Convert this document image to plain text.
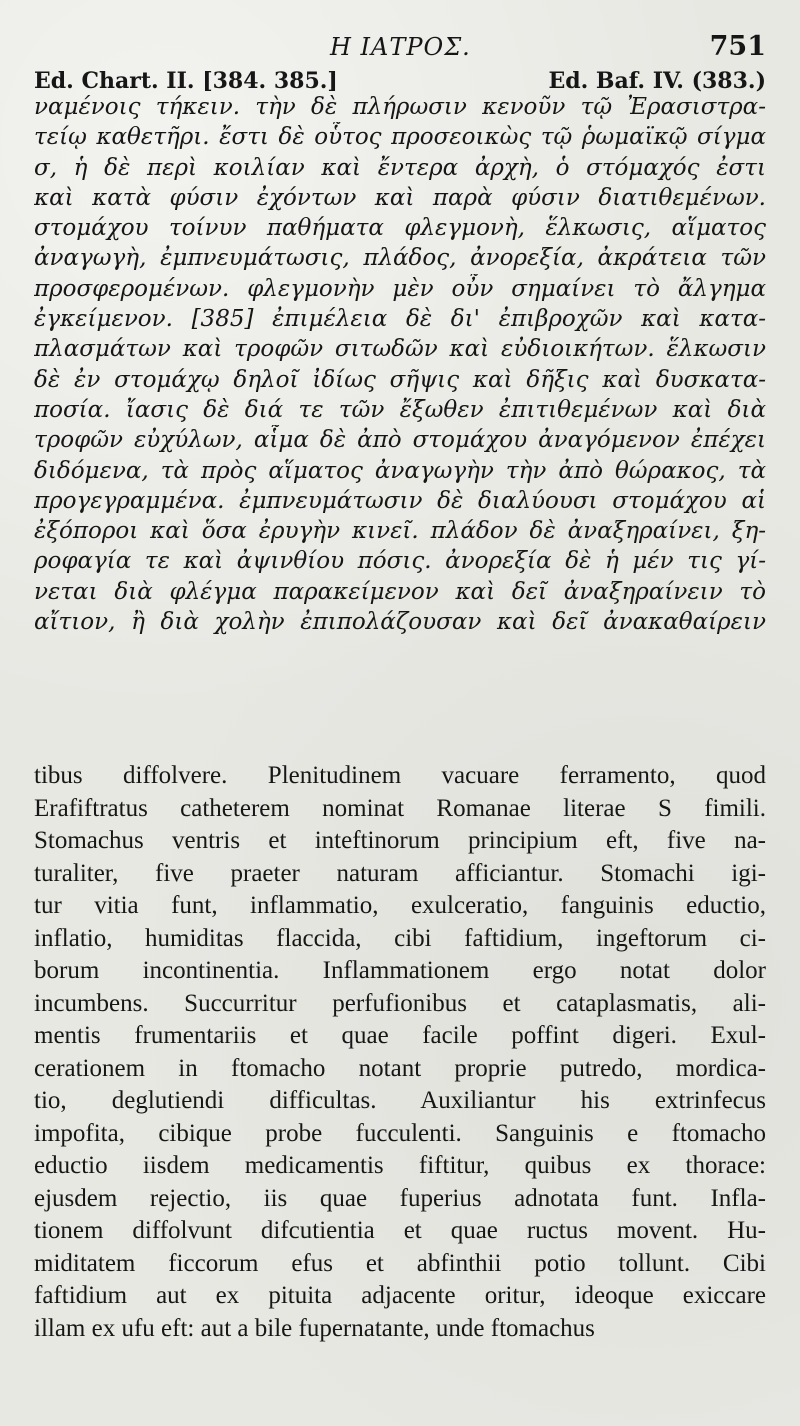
Η ΙΑΤΡΟΣ.	751
Ed. Chart. II. [384. 385.]	Ed. Baf. IV. (383.)
ναμένοις τήκειν. τὴν δὲ πλήρωσιν κενοῦν τῷ Ἐρασιστρα-
τείῳ καθετῆρι. ἔστι δὲ οὗτος προσεοικὼς τῷ ῥωμαϊκῷ σίγμα
σ, ἡ δὲ περὶ κοιλίαν καὶ ἔντερα ἀρχὴ, ὁ στόμαχός ἐστι
καὶ κατὰ φύσιν ἐχόντων καὶ παρὰ φύσιν διατιθεμένων.
στομάχου τοίνυν παθήματα φλεγμονὴ, ἕλκωσις, αἵματος
ἀναγωγὴ, ἐμπνευμάτωσις, πλάδος, ἀνορεξία, ἀκράτεια τῶν
προσφερομένων. φλεγμονὴν μὲν οὖν σημαίνει τὸ ἄλγημα
ἐγκείμενον. [385] ἐπιμέλεια δὲ δι' ἐπιβροχῶν καὶ κατα-
πλασμάτων καὶ τροφῶν σιτωδῶν καὶ εὐδιοικήτων. ἕλκωσιν
δὲ ἐν στομάχῳ δηλοῖ ἰδίως σῆψις καὶ δῆξις καὶ δυσκατα-
ποσία. ἴασις δὲ διά τε τῶν ἔξωθεν ἐπιτιθεμένων καὶ διὰ
τροφῶν εὐχύλων, αἷμα δὲ ἀπὸ στομάχου ἀναγόμενον ἐπέχει
διδόμενα, τὰ πρὸς αἵματος ἀναγωγὴν τὴν ἀπὸ θώρακος, τὰ
προγεγραμμένα. ἐμπνευμάτωσιν δὲ διαλύουσι στομάχου αἱ
ἐξόποροι καὶ ὅσα ἐρυγὴν κινεῖ. πλάδον δὲ ἀναξηραίνει, ξη-
ροφαγία τε καὶ ἀψινθίου πόσις. ἀνορεξία δὲ ἡ μέν τις γί-
νεται διὰ φλέγμα παρακείμενον καὶ δεῖ ἀναξηραίνειν τὸ
αἴτιον, ἢ διὰ χολὴν ἐπιπολάζουσαν καὶ δεῖ ἀνακαθαίρειν
tibus diffolvere. Plenitudinem vacuare ferramento, quod
Erafiftratus catheterem nominat Romanae literae S fimili.
Stomachus ventris et inteftinorum principium eft, five na-
turaliter, five praeter naturam afficiantur. Stomachi igi-
tur vitia funt, inflammatio, exulceratio, fanguinis eductio,
inflatio, humiditas flaccida, cibi faftidium, ingeftorum ci-
borum incontinentia. Inflammationem ergo notat dolor
incumbens. Succurritur perfufionibus et cataplasmatis, ali-
mentis frumentariis et quae facile poffint digeri. Exul-
cerationem in ftomacho notant proprie putredo, mordica-
tio, deglutiendi difficultas. Auxiliantur his extrinfecus
impofita, cibique probe fucculenti. Sanguinis e ftomacho
eductio iisdem medicamentis fiftitur, quibus ex thorace:
ejusdem rejectio, iis quae fuperius adnotata funt. Infla-
tionem diffolvunt difcutientia et quae ructus movent. Hu-
miditatem ficcorum efus et abfinthii potio tollunt. Cibi
faftidium aut ex pituita adjacente oritur, ideoque exiccare
illam ex ufu eft: aut a bile fupernatante, unde ftomachus
